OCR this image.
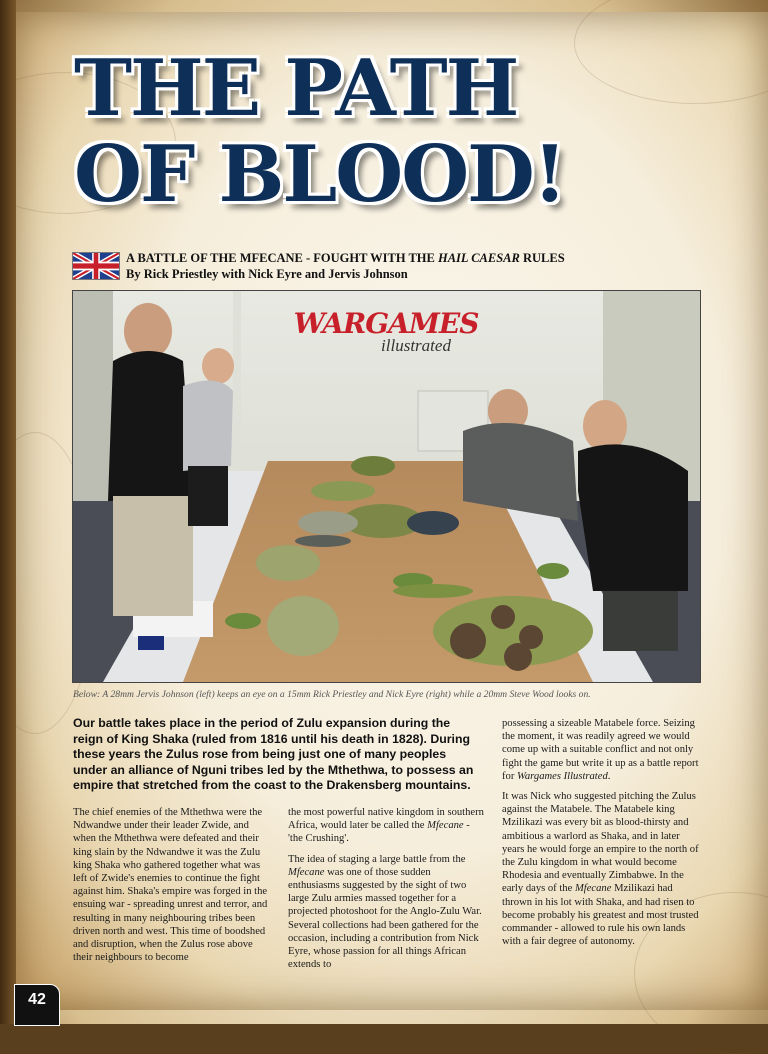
THE PATH
OF BLOOD!
A BATTLE OF THE MFECANE - FOUGHT WITH THE HAIL CAESAR RULES
By Rick Priestley with Nick Eyre and Jervis Johnson
WARGAMES
illustrated
Below: A 28mm Jervis Johnson (left) keeps an eye on a 15mm Rick Priestley and Nick Eyre (right) while a 20mm Steve Wood looks on.
Our battle takes place in the period of Zulu expansion during the reign of King Shaka (ruled from 1816 until his death in 1828). During these years the Zulus rose from being just one of many peoples under an alliance of Nguni tribes led by the Mthethwa, to possess an empire that stretched from the coast to the Drakensberg mountains.

The chief enemies of the Mthethwa were the Ndwandwe under their leader Zwide, and when the Mthethwa were defeated and their king slain by the Ndwandwe it was the Zulu king Shaka who gathered together what was left of Zwide's enemies to continue the fight against him. Shaka's empire was forged in the ensuing war - spreading unrest and terror, and resulting in many neighbouring tribes been driven north and west. This time of boodshed and disruption, when the Zulus rose above their neighbours to become

the most powerful native kingdom in southern Africa, would later be called the Mfecane - 'the Crushing'.

The idea of staging a large battle from the Mfecane was one of those sudden enthusiasms suggested by the sight of two large Zulu armies massed together for a projected photoshoot for the Anglo-Zulu War. Several collections had been gathered for the occasion, including a contribution from Nick Eyre, whose passion for all things African extends to

possessing a sizeable Matabele force. Seizing the moment, it was readily agreed we would come up with a suitable conflict and not only fight the game but write it up as a battle report for Wargames Illustrated.

It was Nick who suggested pitching the Zulus against the Matabele. The Matabele king Mzilikazi was every bit as blood-thirsty and ambitious a warlord as Shaka, and in later years he would forge an empire to the north of the Zulu kingdom in what would become Rhodesia and eventually Zimbabwe. In the early days of the Mfecane Mzilikazi had thrown in his lot with Shaka, and had risen to become probably his greatest and most trusted commander - allowed to rule his own lands with a fair degree of autonomy.

42
